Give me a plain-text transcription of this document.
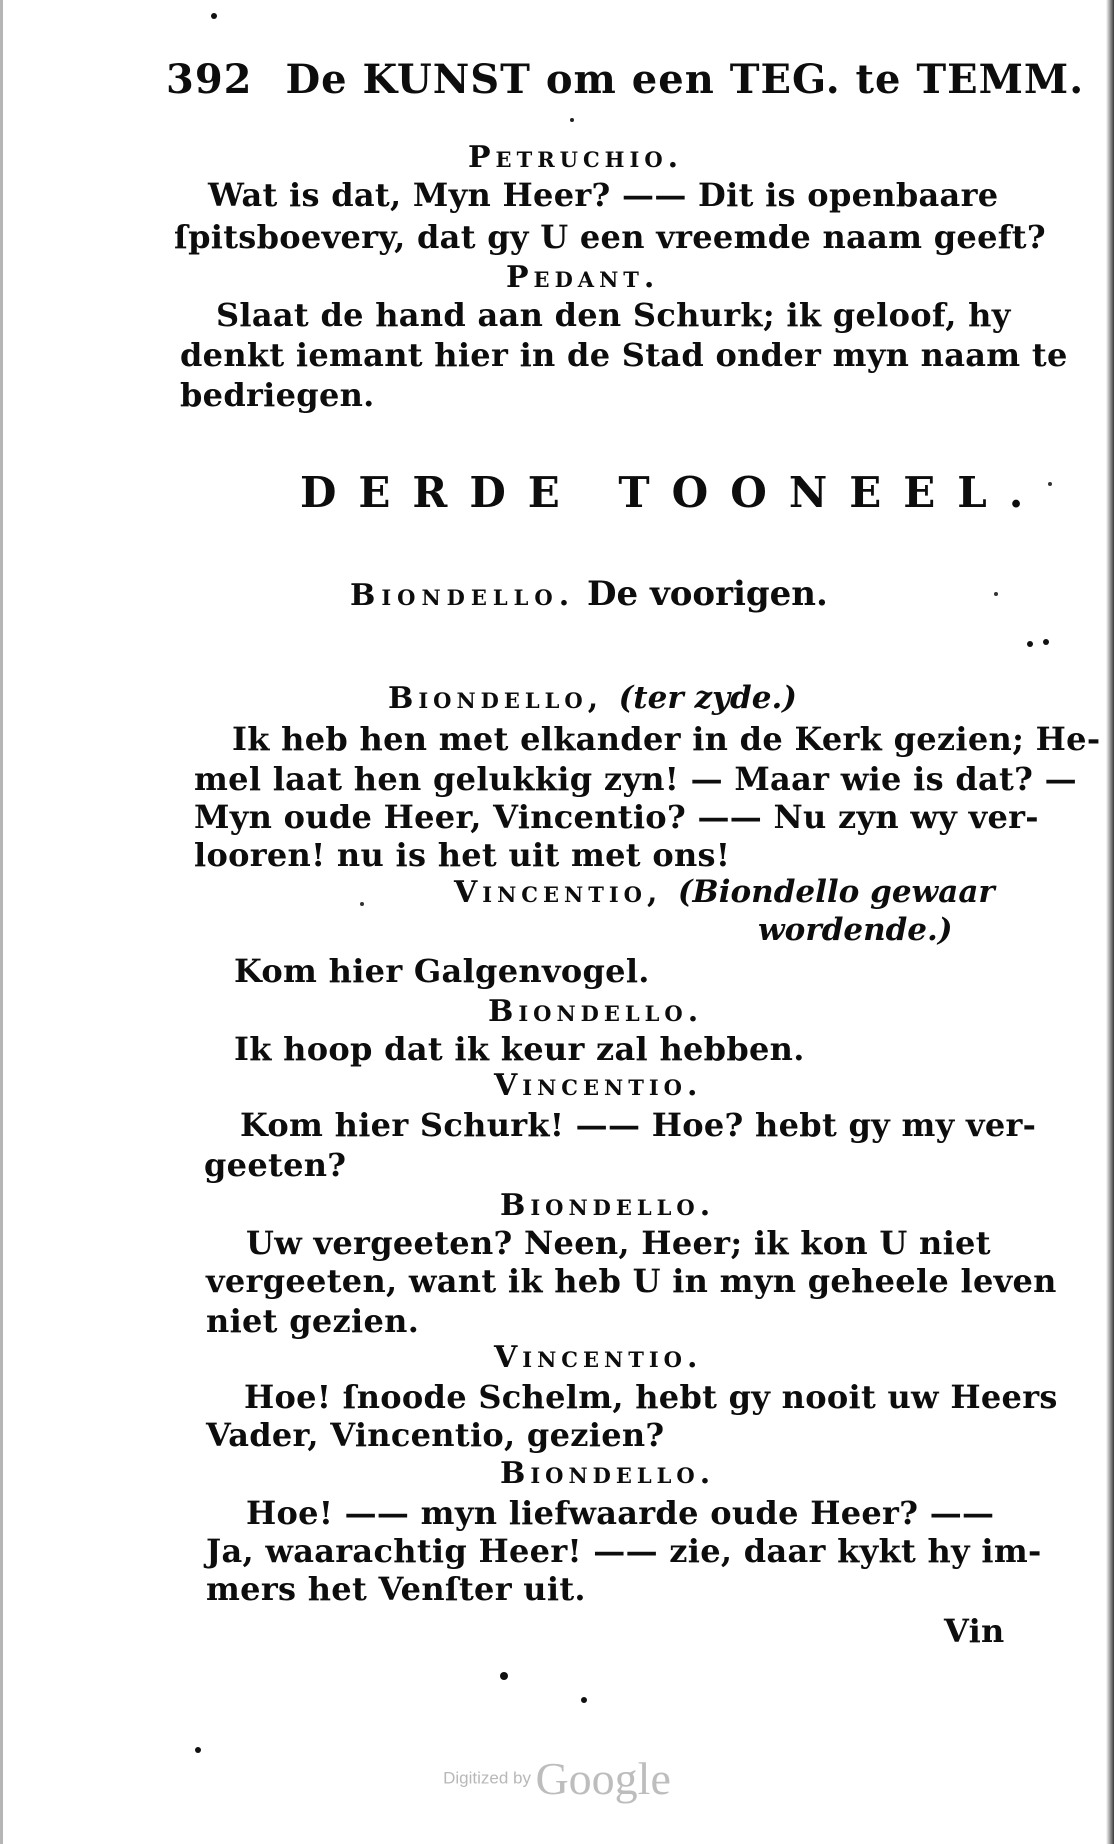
392 De KUNST om een TEG. te TEMM.
Petruchio.
Wat is dat, Myn Heer? —— Dit is openbaare
ſpitsboevery, dat gy U een vreemde naam geeft?
Pedant.
Slaat de hand aan den Schurk; ik geloof, hy
denkt iemant hier in de Stad onder myn naam te
bedriegen.
DERDE TOONEEL.
Biondello. De voorigen.
Biondello, (ter zyde.)
Ik heb hen met elkander in de Kerk gezien; He-
mel laat hen gelukkig zyn! — Maar wie is dat? —
Myn oude Heer, Vincentio? —— Nu zyn wy ver-
looren! nu is het uit met ons!
Vincentio, (Biondello gewaar
wordende.)
Kom hier Galgenvogel.
Biondello.
Ik hoop dat ik keur zal hebben.
Vincentio.
Kom hier Schurk! —— Hoe? hebt gy my ver-
geeten?
Biondello.
Uw vergeeten? Neen, Heer; ik kon U niet
vergeeten, want ik heb U in myn geheele leven
niet gezien.
Vincentio.
Hoe! ſnoode Schelm, hebt gy nooit uw Heers
Vader, Vincentio, gezien?
Biondello.
Hoe! —— myn liefwaarde oude Heer? ——
Ja, waarachtig Heer! —— zie, daar kykt hy im-
mers het Venſter uit.
Vin
Digitized by Google
